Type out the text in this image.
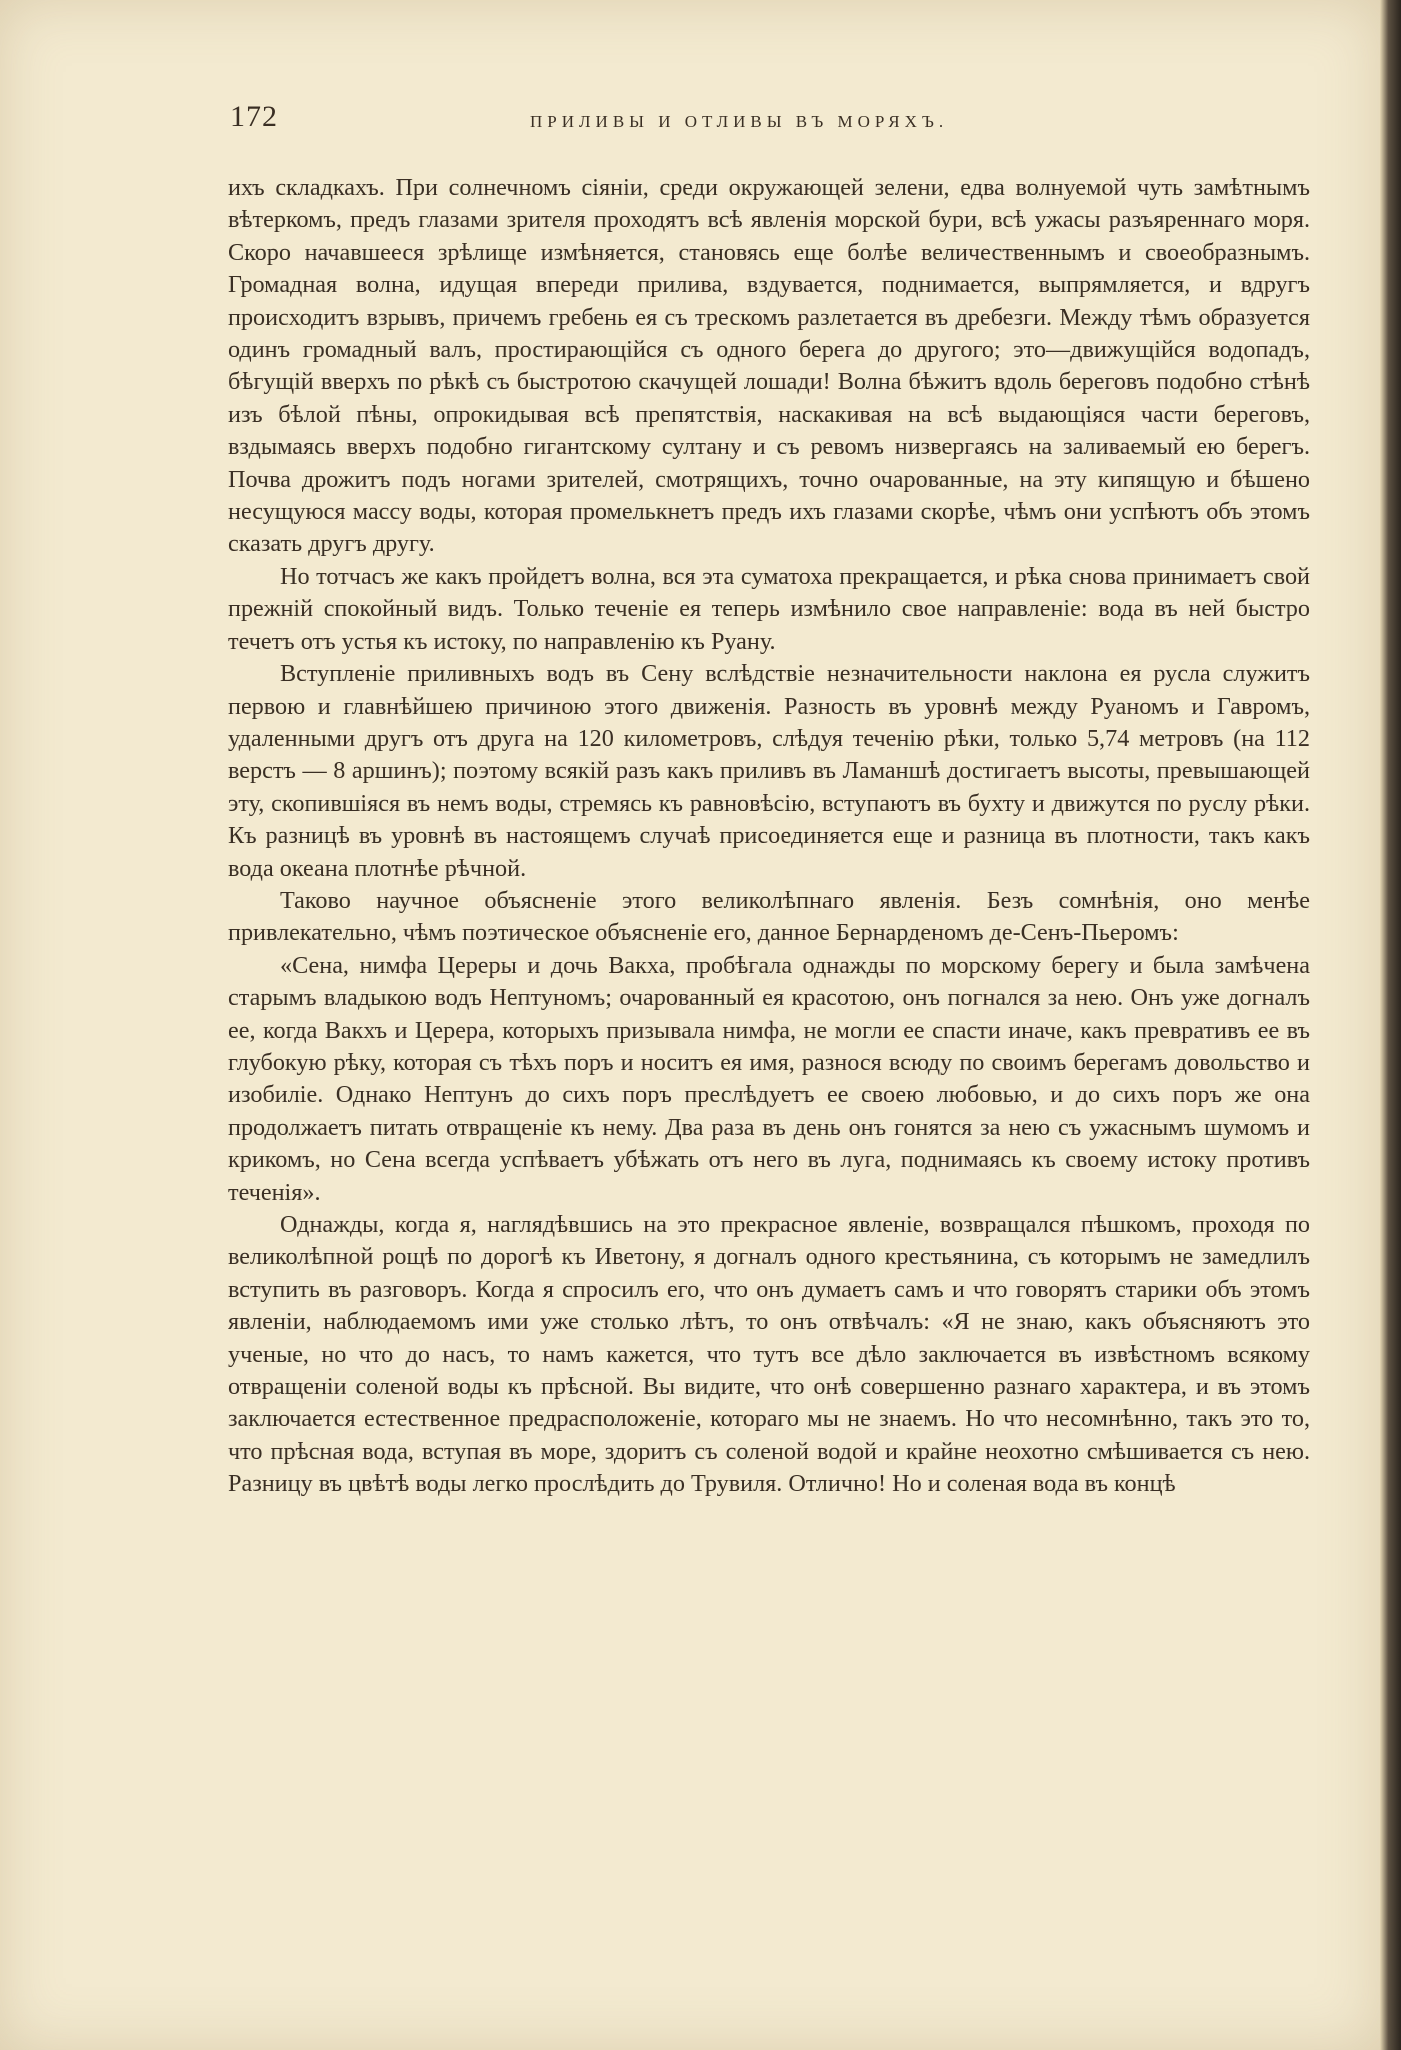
172	ПРИЛИВЫ И ОТЛИВЫ ВЪ МОРЯХЪ.

ихъ складкахъ. При солнечномъ сіяніи, среди окружающей зелени, едва волнуемой чуть замѣтнымъ вѣтеркомъ, предъ глазами зрителя проходятъ всѣ явленія морской бури, всѣ ужасы разъяреннаго моря. Скоро начавшееся зрѣлище измѣняется, становясь еще болѣе величественнымъ и своеобразнымъ. Громадная волна, идущая впереди прилива, вздувается, поднимается, выпрямляется, и вдругъ происходитъ взрывъ, причемъ гребень ея съ трескомъ разлетается въ дребезги. Между тѣмъ образуется одинъ громадный валъ, простирающійся съ одного берега до другого; это—движущійся водопадъ, бѣгущій вверхъ по рѣкѣ съ быстротою скачущей лошади! Волна бѣжитъ вдоль береговъ подобно стѣнѣ изъ бѣлой пѣны, опрокидывая всѣ препятствія, наскакивая на всѣ выдающіяся части береговъ, вздымаясь вверхъ подобно гигантскому султану и съ ревомъ низвергаясь на заливаемый ею берегъ. Почва дрожитъ подъ ногами зрителей, смотрящихъ, точно очарованные, на эту кипящую и бѣшено несущуюся массу воды, которая промелькнетъ предъ ихъ глазами скорѣе, чѣмъ они успѣютъ объ этомъ сказать другъ другу.

Но тотчасъ же какъ пройдетъ волна, вся эта суматоха прекращается, и рѣка снова принимаетъ свой прежній спокойный видъ. Только теченіе ея теперь измѣнило свое направленіе: вода въ ней быстро течетъ отъ устья къ истоку, по направленію къ Руану.

Вступленіе приливныхъ водъ въ Сену вслѣдствіе незначительности наклона ея русла служитъ первою и главнѣйшею причиною этого движенія. Разность въ уровнѣ между Руаномъ и Гавромъ, удаленными другъ отъ друга на 120 километровъ, слѣдуя теченію рѣки, только 5,74 метровъ (на 112 верстъ — 8 аршинъ); поэтому всякій разъ какъ приливъ въ Ламаншѣ достигаетъ высоты, превышающей эту, скопившіяся въ немъ воды, стремясь къ равновѣсію, вступаютъ въ бухту и движутся по руслу рѣки. Къ разницѣ въ уровнѣ въ настоящемъ случаѣ присоединяется еще и разница въ плотности, такъ какъ вода океана плотнѣе рѣчной.

Таково научное объясненіе этого великолѣпнаго явленія. Безъ сомнѣнія, оно менѣе привлекательно, чѣмъ поэтическое объясненіе его, данное Бернарденомъ де-Сенъ-Пьеромъ:

«Сена, нимфа Цереры и дочь Вакха, пробѣгала однажды по морскому берегу и была замѣчена старымъ владыкою водъ Нептуномъ; очарованный ея красотою, онъ погнался за нею. Онъ уже догналъ ее, когда Вакхъ и Церера, которыхъ призывала нимфа, не могли ее спасти иначе, какъ превративъ ее въ глубокую рѣку, которая съ тѣхъ поръ и носитъ ея имя, разнося всюду по своимъ берегамъ довольство и изобиліе. Однако Нептунъ до сихъ поръ преслѣдуетъ ее своею любовью, и до сихъ поръ же она продолжаетъ питать отвращеніе къ нему. Два раза въ день онъ гонятся за нею съ ужаснымъ шумомъ и крикомъ, но Сена всегда успѣваетъ убѣжать отъ него въ луга, поднимаясь къ своему истоку противъ теченія».

Однажды, когда я, наглядѣвшись на это прекрасное явленіе, возвращался пѣшкомъ, проходя по великолѣпной рощѣ по дорогѣ къ Иветону, я догналъ одного крестьянина, съ которымъ не замедлилъ вступить въ разговоръ. Когда я спросилъ его, что онъ думаетъ самъ и что говорятъ старики объ этомъ явленіи, наблюдаемомъ ими уже столько лѣтъ, то онъ отвѣчалъ: «Я не знаю, какъ объясняютъ это ученые, но что до насъ, то намъ кажется, что тутъ все дѣло заключается въ извѣстномъ всякому отвращеніи соленой воды къ прѣсной. Вы видите, что онѣ совершенно разнаго характера, и въ этомъ заключается естественное предрасположеніе, котораго мы не знаемъ. Но что несомнѣнно, такъ это то, что прѣсная вода, вступая въ море, здоритъ съ соленой водой и крайне неохотно смѣшивается съ нею. Разницу въ цвѣтѣ воды легко прослѣдить до Трувиля. Отлично! Но и соленая вода въ концѣ
